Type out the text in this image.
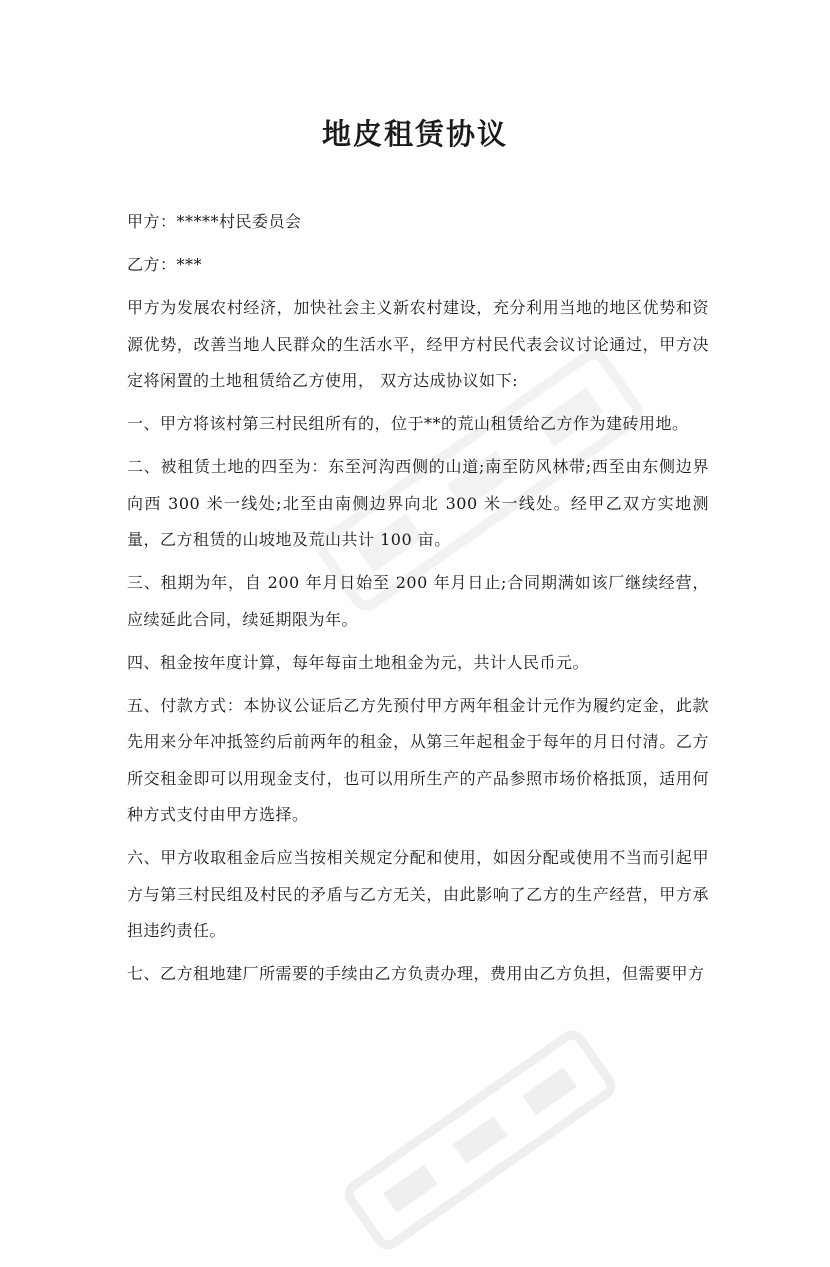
地皮租赁协议

甲方：*****村民委员会

乙方：***

甲方为发展农村经济，加快社会主义新农村建设，充分利用当地的地区优势和资源优势，改善当地人民群众的生活水平，经甲方村民代表会议讨论通过，甲方决定将闲置的土地租赁给乙方使用， 双方达成协议如下:

一、甲方将该村第三村民组所有的，位于**的荒山租赁给乙方作为建砖用地。

二、被租赁土地的四至为：东至河沟西侧的山道;南至防风林带;西至由东侧边界向西 300 米一线处;北至由南侧边界向北 300 米一线处。经甲乙双方实地测量，乙方租赁的山坡地及荒山共计 100 亩。

三、租期为年，自 200 年月日始至 200 年月日止;合同期满如该厂继续经营，应续延此合同，续延期限为年。

四、租金按年度计算，每年每亩土地租金为元，共计人民币元。

五、付款方式：本协议公证后乙方先预付甲方两年租金计元作为履约定金，此款先用来分年冲抵签约后前两年的租金，从第三年起租金于每年的月日付清。乙方所交租金即可以用现金支付，也可以用所生产的产品参照市场价格抵顶，适用何种方式支付由甲方选择。

六、甲方收取租金后应当按相关规定分配和使用，如因分配或使用不当而引起甲方与第三村民组及村民的矛盾与乙方无关，由此影响了乙方的生产经营，甲方承担违约责任。

七、乙方租地建厂所需要的手续由乙方负责办理，费用由乙方负担，但需要甲方
